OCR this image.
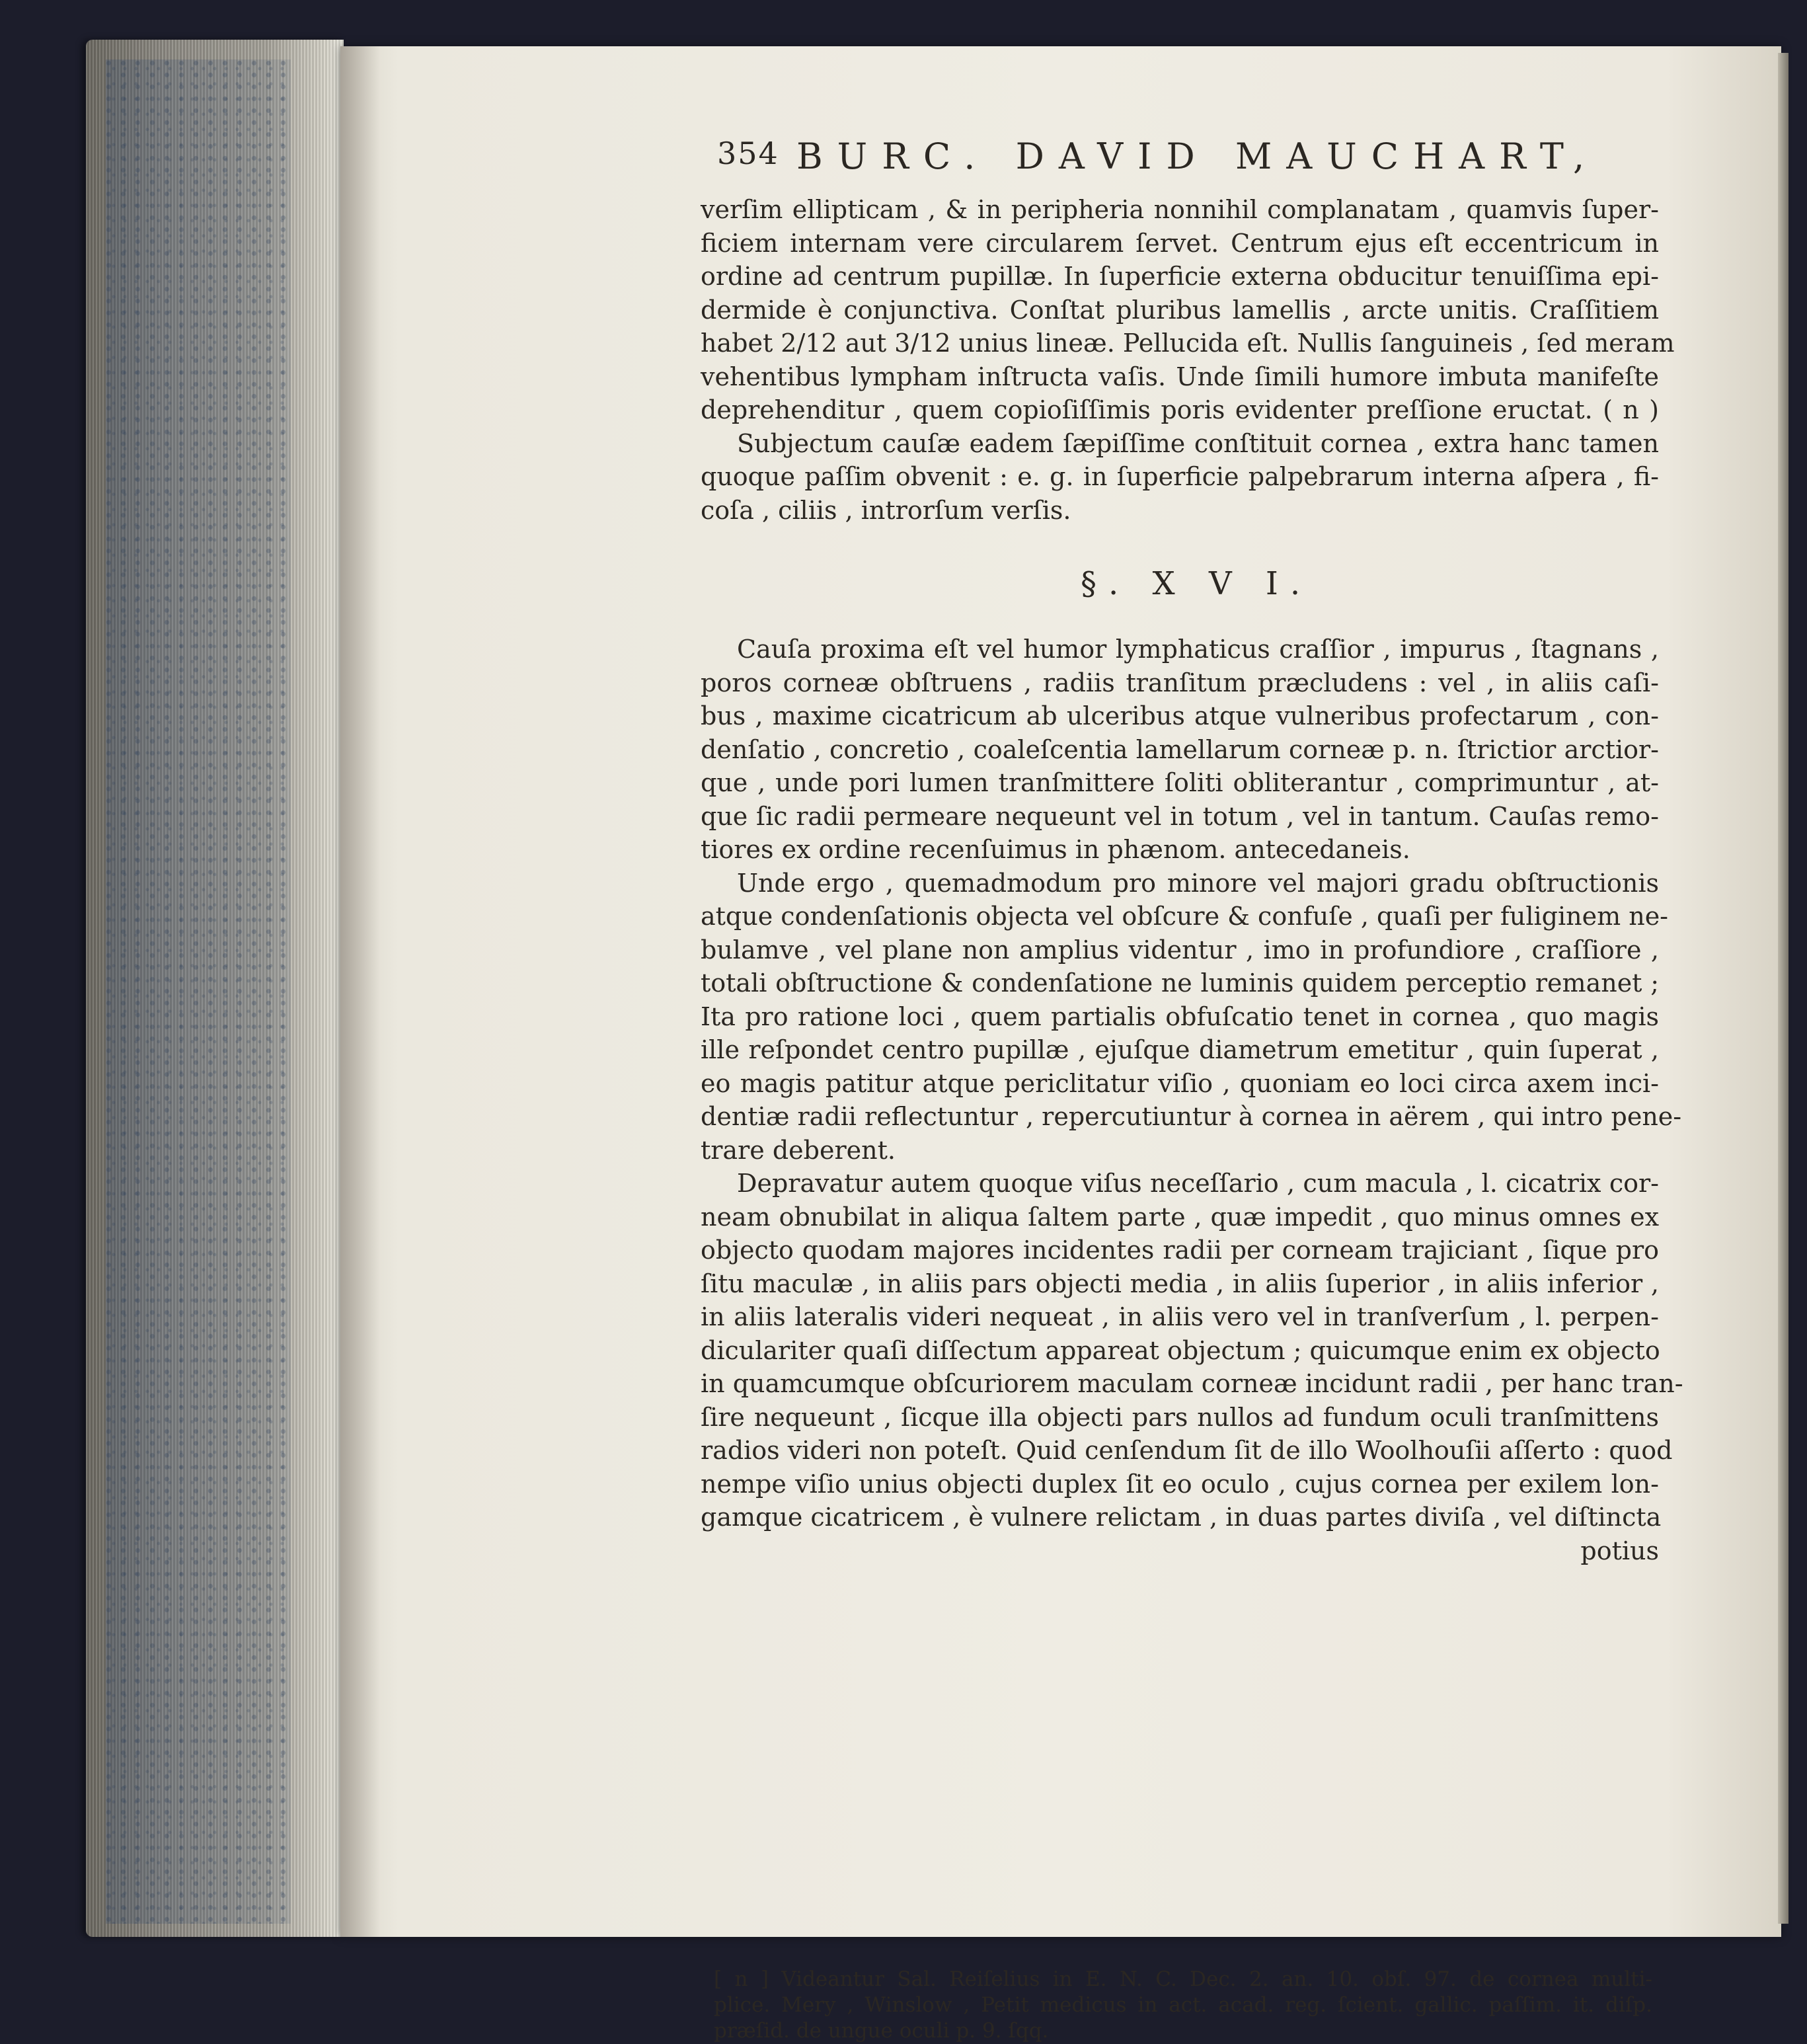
354 BURC. DAVID MAUCHART,
verſim ellipticam , & in peripheria nonnihil complanatam , quamvis ſuper-
ficiem internam vere circularem ſervet. Centrum ejus eſt eccentricum in
ordine ad centrum pupillæ. In ſuperficie externa obducitur tenuiſſima epi-
dermide è conjunctiva. Conſtat pluribus lamellis , arcte unitis. Craſſitiem
habet 2/12 aut 3/12 unius lineæ. Pellucida eſt. Nullis ſanguineis , ſed meram
vehentibus lympham inſtructa vaſis. Unde ſimili humore imbuta manifeſte
deprehenditur , quem copioſiſſimis poris evidenter preſſione eructat. ( n )
Subjectum cauſæ eadem ſæpiſſime conſtituit cornea , extra hanc tamen
quoque paſſim obvenit : e. g. in ſuperficie palpebrarum interna aſpera , fi-
coſa , ciliis , introrſum verſis.
§. X V I.
Cauſa proxima eſt vel humor lymphaticus craſſior , impurus , ſtagnans ,
poros corneæ obſtruens , radiis tranſitum præcludens : vel , in aliis caſi-
bus , maxime cicatricum ab ulceribus atque vulneribus profectarum , con-
denſatio , concretio , coaleſcentia lamellarum corneæ p. n. ſtrictior arctior-
que , unde pori lumen tranſmittere ſoliti obliterantur , comprimuntur , at-
que ſic radii permeare nequeunt vel in totum , vel in tantum. Cauſas remo-
tiores ex ordine recenſuimus in phænom. antecedaneis.
Unde ergo , quemadmodum pro minore vel majori gradu obſtructionis
atque condenſationis objecta vel obſcure & confuſe , quaſi per fuliginem ne-
bulamve , vel plane non amplius videntur , imo in profundiore , craſſiore ,
totali obſtructione & condenſatione ne luminis quidem perceptio remanet ;
Ita pro ratione loci , quem partialis obfuſcatio tenet in cornea , quo magis
ille reſpondet centro pupillæ , ejuſque diametrum emetitur , quin ſuperat ,
eo magis patitur atque periclitatur viſio , quoniam eo loci circa axem inci-
dentiæ radii reflectuntur , repercutiuntur à cornea in aërem , qui intro pene-
trare deberent.
Depravatur autem quoque viſus neceſſario , cum macula , l. cicatrix cor-
neam obnubilat in aliqua ſaltem parte , quæ impedit , quo minus omnes ex
objecto quodam majores incidentes radii per corneam trajiciant , ſique pro
ſitu maculæ , in aliis pars objecti media , in aliis ſuperior , in aliis inferior ,
in aliis lateralis videri nequeat , in aliis vero vel in tranſverſum , l. perpen-
diculariter quaſi diſſectum appareat objectum ; quicumque enim ex objecto
in quamcumque obſcuriorem maculam corneæ incidunt radii , per hanc tran-
ſire nequeunt , ſicque illa objecti pars nullos ad fundum oculi tranſmittens
radios videri non poteſt. Quid cenſendum ſit de illo Woolhouſii aſſerto : quod
nempe viſio unius objecti duplex ſit eo oculo , cujus cornea per exilem lon-
gamque cicatricem , è vulnere relictam , in duas partes diviſa , vel diſtincta
potius
[ n ] Videantur Sal. Reiſelius in E. N. C. Dec. 2. an. 10. obſ. 97. de cornea multi-
plice. Mery , Winslow , Petit medicus in act. acad. reg. ſcient. gallic. paſſim. it. diſp.
præſid. de ungue oculi p. 9. ſqq.
